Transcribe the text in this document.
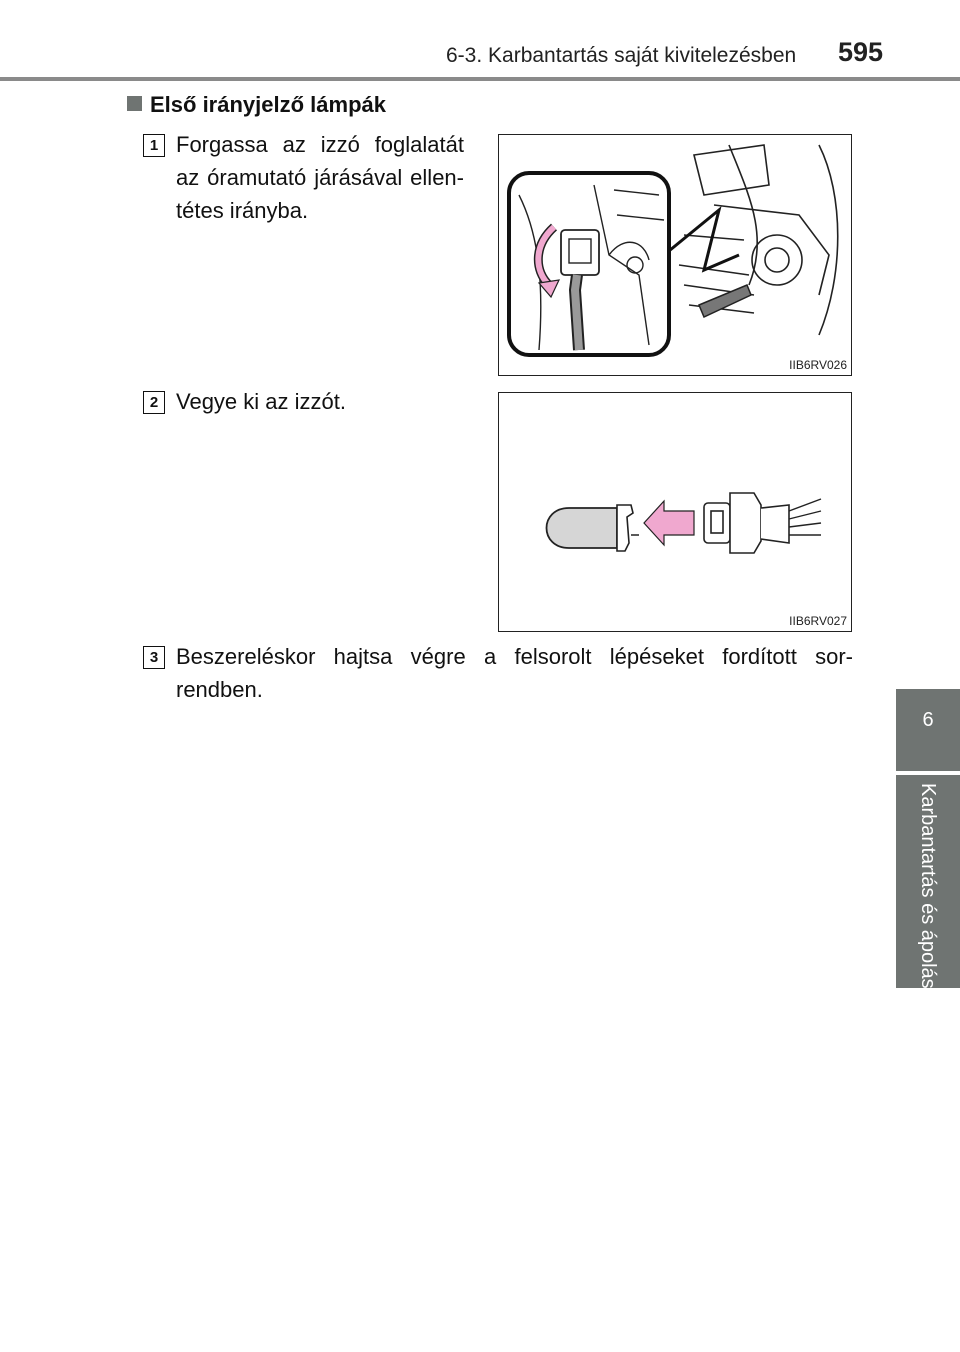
6-3. Karbantartás saját kivitelezésben 595
6
Karbantartás és ápolás
Első irányjelző lámpák
1 Forgassa az izzó foglalatát az óramutató járásával ellen-tétes irányba.
IIB6RV026
2 Vegye ki az izzót.
IIB6RV027
3 Beszereléskor hajtsa végre a felsorolt lépéseket fordított sor-rendben.
